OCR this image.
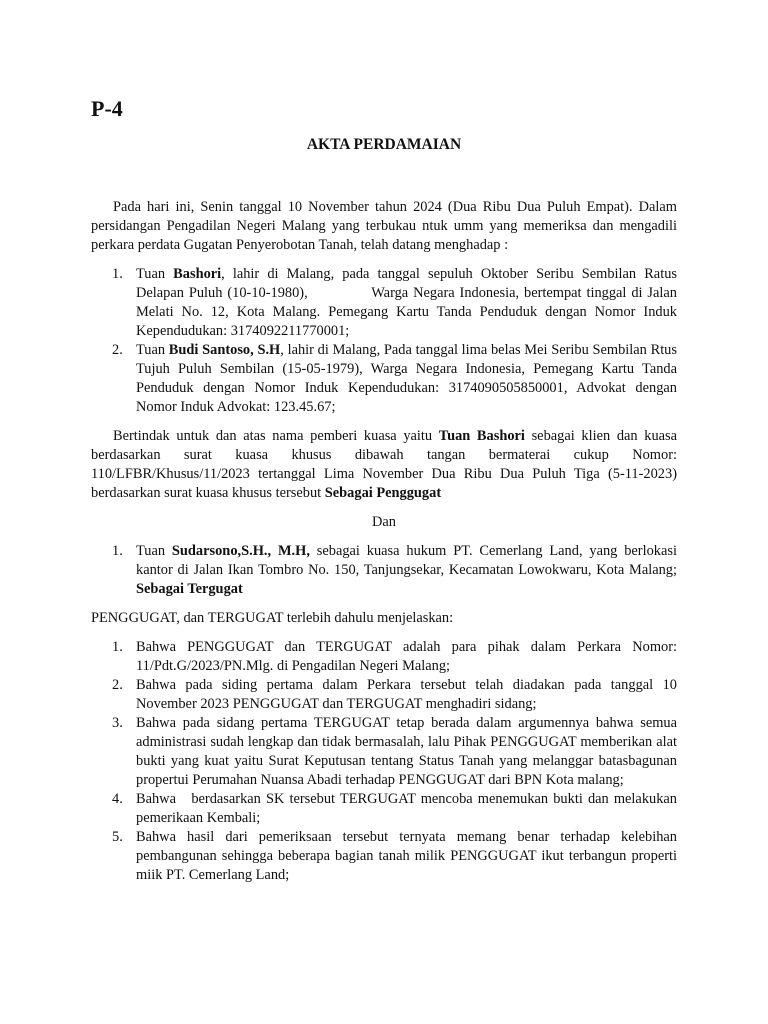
P-4
AKTA PERDAMAIAN

Pada hari ini, Senin tanggal 10 November tahun 2024 (Dua Ribu Dua Puluh Empat). Dalam persidangan Pengadilan Negeri Malang yang terbukau ntuk umm yang memeriksa dan mengadili perkara perdata Gugatan Penyerobotan Tanah, telah datang menghadap :

1. Tuan Bashori, lahir di Malang, pada tanggal sepuluh Oktober Seribu Sembilan Ratus Delapan Puluh (10-10-1980),             Warga Negara Indonesia, bertempat tinggal di Jalan Melati No. 12, Kota Malang. Pemegang Kartu Tanda Penduduk dengan Nomor Induk Kependudukan: 3174092211770001;
2. Tuan Budi Santoso, S.H, lahir di Malang, Pada tanggal lima belas Mei Seribu Sembilan Rtus Tujuh Puluh Sembilan (15-05-1979), Warga Negara Indonesia, Pemegang Kartu Tanda Penduduk dengan Nomor Induk Kependudukan: 3174090505850001, Advokat dengan Nomor Induk Advokat: 123.45.67;

Bertindak untuk dan atas nama pemberi kuasa yaitu Tuan Bashori sebagai klien dan kuasa berdasarkan surat kuasa khusus dibawah tangan bermaterai cukup Nomor: 110/LFBR/Khusus/11/2023 tertanggal Lima November Dua Ribu Dua Puluh Tiga (5-11-2023) berdasarkan surat kuasa khusus tersebut Sebagai Penggugat

Dan

1. Tuan Sudarsono,S.H., M.H, sebagai kuasa hukum PT. Cemerlang Land, yang berlokasi kantor di Jalan Ikan Tombro No. 150, Tanjungsekar, Kecamatan Lowokwaru, Kota Malang; Sebagai Tergugat

PENGGUGAT, dan TERGUGAT terlebih dahulu menjelaskan:

1. Bahwa PENGGUGAT dan TERGUGAT adalah para pihak dalam Perkara Nomor: 11/Pdt.G/2023/PN.Mlg. di Pengadilan Negeri Malang;
2. Bahwa pada siding pertama dalam Perkara tersebut telah diadakan pada tanggal 10 November 2023 PENGGUGAT dan TERGUGAT menghadiri sidang;
3. Bahwa pada sidang pertama TERGUGAT tetap berada dalam argumennya bahwa semua administrasi sudah lengkap dan tidak bermasalah, lalu Pihak PENGGUGAT memberikan alat bukti yang kuat yaitu Surat Keputusan tentang Status Tanah yang melanggar batasbagunan propertui Perumahan Nuansa Abadi terhadap PENGGUGAT dari BPN Kota malang;
4. Bahwa   berdasarkan SK tersebut TERGUGAT mencoba menemukan bukti dan melakukan pemerikaan Kembali;
5. Bahwa hasil dari pemeriksaan tersebut ternyata memang benar terhadap kelebihan pembangunan sehingga beberapa bagian tanah milik PENGGUGAT ikut terbangun properti miik PT. Cemerlang Land;
